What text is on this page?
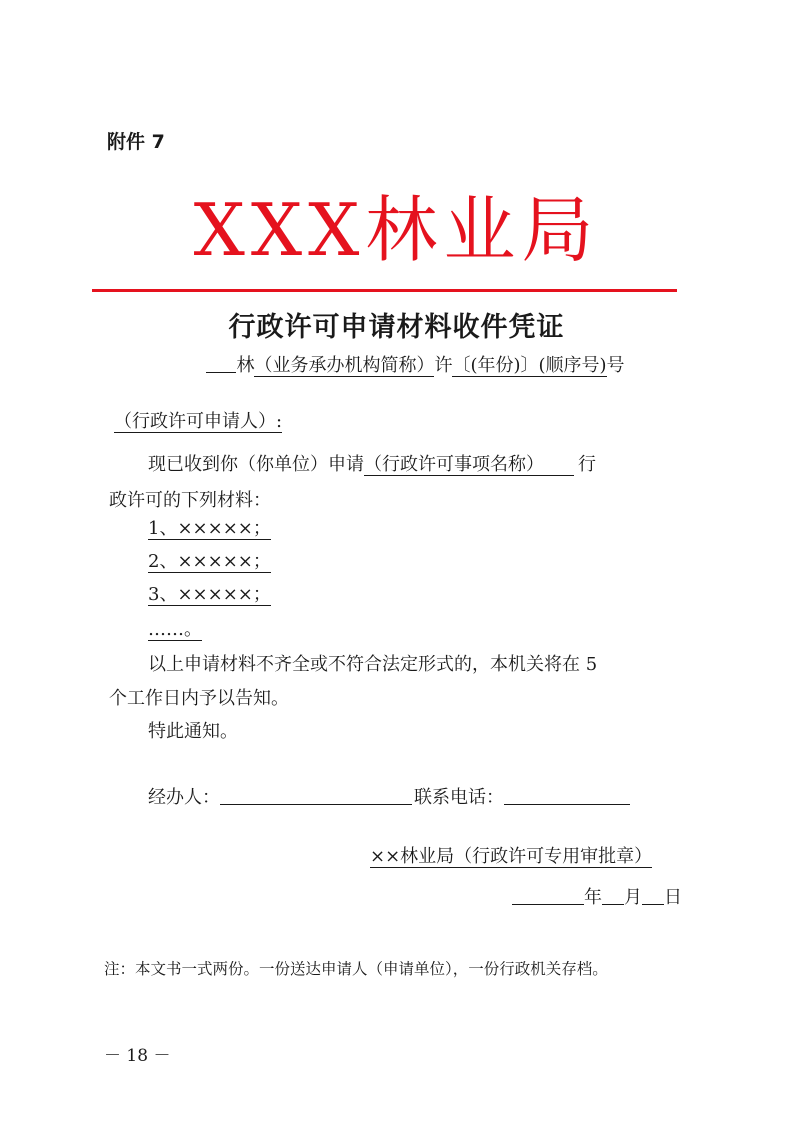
附件 7
XXX林业局
行政许可申请材料收件凭证
林（业务承办机构简称）许〔(年份)〕(顺序号)号
（行政许可申请人）:
现已收到你（你单位）申请（行政许可事项名称） 行
政许可的下列材料：
1、×××××；
2、×××××；
3、×××××；
……。
以上申请材料不齐全或不符合法定形式的，本机关将在 5
个工作日内予以告知。
特此通知。
经办人：	联系电话：
××林业局（行政许可专用审批章）
年 月 日
注：本文书一式两份。一份送达申请人（申请单位），一份行政机关存档。
－ 18 －
